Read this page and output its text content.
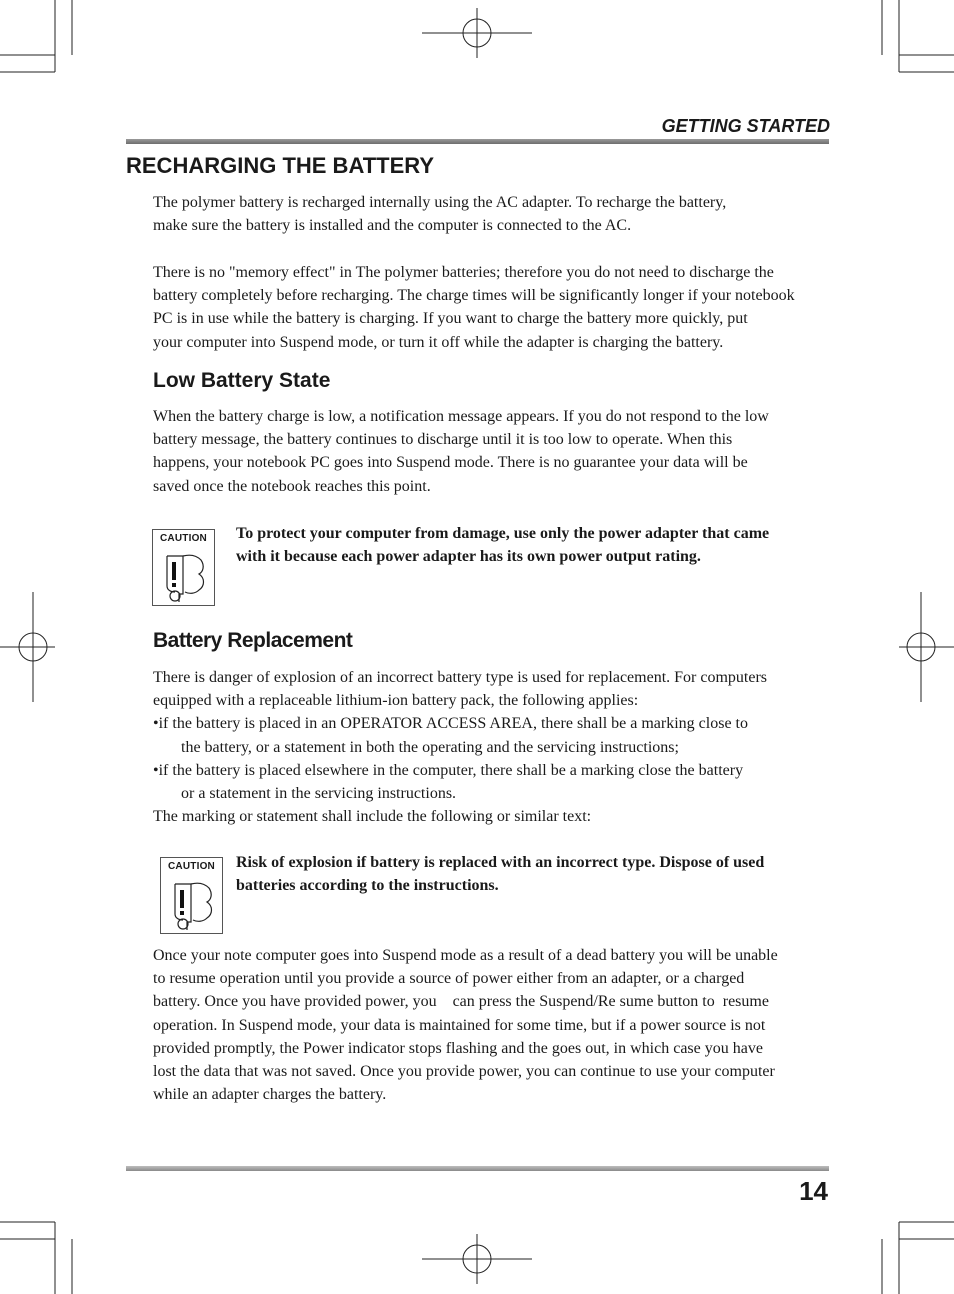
GETTING STARTED
RECHARGING THE BATTERY
The polymer battery is recharged internally using the AC adapter. To recharge the battery,
make sure the battery is installed and the computer is connected to the AC.
There is no "memory effect" in The polymer batteries; therefore you do not need to discharge the
battery completely before recharging. The charge times will be significantly longer if your notebook
PC is in use while the battery is charging. If you want to charge the battery more quickly, put
your computer into Suspend mode, or turn it off while the adapter is charging the battery.
Low Battery State
When the battery charge is low, a notification message appears. If you do not respond to the low
battery message, the battery continues to discharge until it is too low to operate. When this
happens, your notebook PC goes into Suspend mode. There is no guarantee your data will be
saved once the notebook reaches this point.
CAUTION	To protect your computer from damage, use only the power adapter that came
with it because each power adapter has its own power output rating.
Battery Replacement
There is danger of explosion of an incorrect battery type is used for replacement. For computers
equipped with a replaceable lithium-ion battery pack, the following applies:
•if the battery is placed in an OPERATOR ACCESS AREA, there shall be a marking close to
the battery, or a statement in both the operating and the servicing instructions;
•if the battery is placed elsewhere in the computer, there shall be a marking close the battery
or a statement in the servicing instructions.
The marking or statement shall include the following or similar text:
CAUTION	Risk of explosion if battery is replaced with an incorrect type. Dispose of used
batteries according to the instructions.
Once your note computer goes into Suspend mode as a result of a dead battery you will be unable
to resume operation until you provide a source of power either from an adapter, or a charged
battery. Once you have provided power, you    can press the Suspend/Re sume button to  resume
operation. In Suspend mode, your data is maintained for some time, but if a power source is not
provided promptly, the Power indicator stops flashing and the goes out, in which case you have
lost the data that was not saved. Once you provide power, you can continue to use your computer
while an adapter charges the battery.
14
